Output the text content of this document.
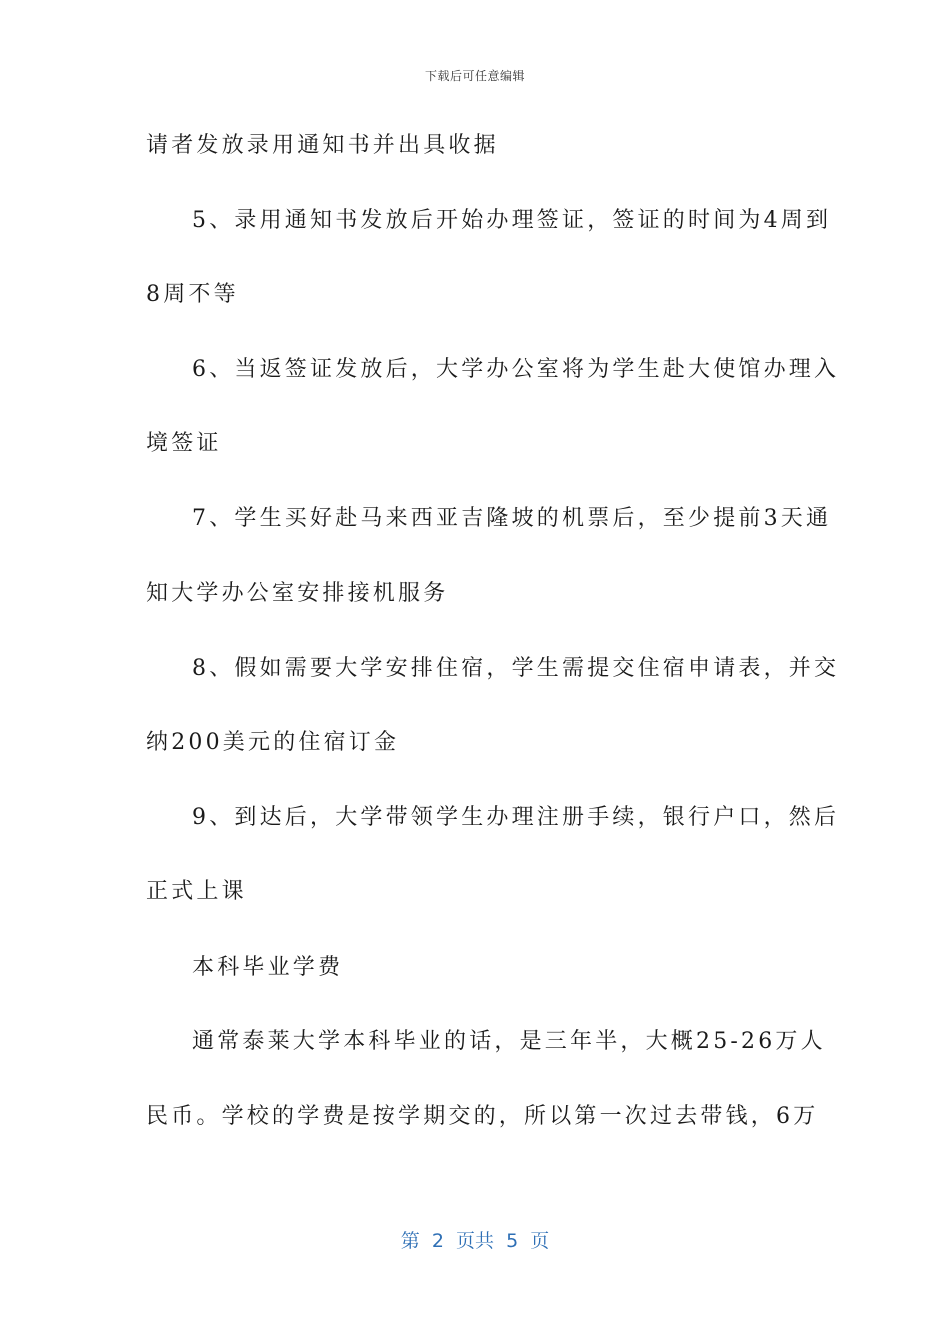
下载后可任意编辑
请者发放录用通知书并出具收据
5、录用通知书发放后开始办理签证，签证的时间为4周到
8周不等
6、当返签证发放后，大学办公室将为学生赴大使馆办理入
境签证
7、学生买好赴马来西亚吉隆坡的机票后，至少提前3天通
知大学办公室安排接机服务
8、假如需要大学安排住宿，学生需提交住宿申请表，并交
纳200美元的住宿订金
9、到达后，大学带领学生办理注册手续，银行户口，然后
正式上课
本科毕业学费
通常泰莱大学本科毕业的话，是三年半，大概25-26万人
民币。学校的学费是按学期交的，所以第一次过去带钱，6万
第  2  页共  5  页
